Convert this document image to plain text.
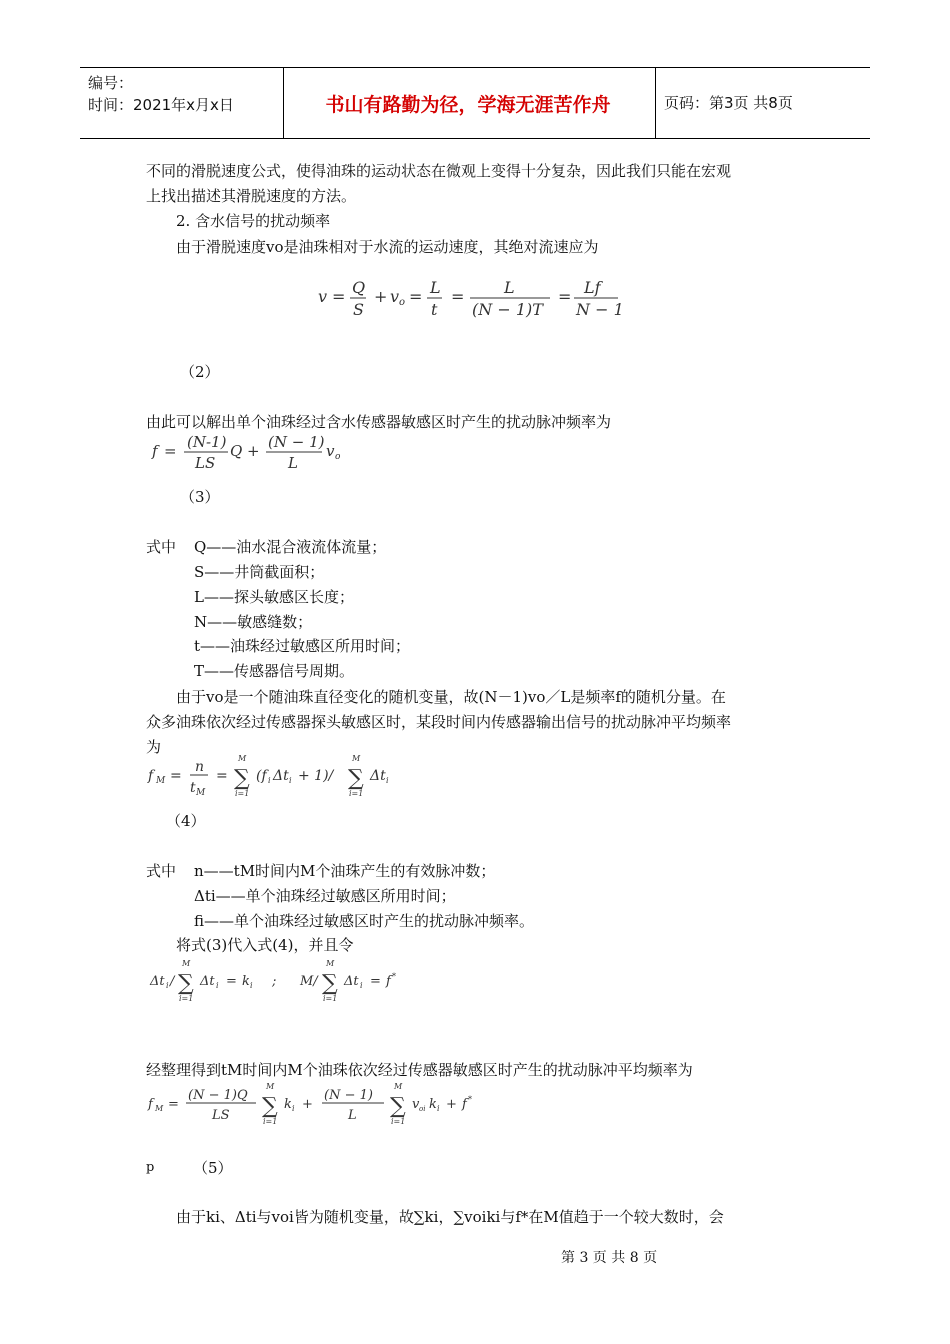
编号：
时间：2021年x月x日	书山有路勤为径，学海无涯苦作舟	页码：第3页 共8页
不同的滑脱速度公式，使得油珠的运动状态在微观上变得十分复杂，因此我们只能在宏观
上找出描述其滑脱速度的方法。
2. 含水信号的扰动频率
由于滑脱速度vo是油珠相对于水流的运动速度，其绝对流速应为
v = Q
S
+ v o = L
t
= L
(N − 1)T
= Lf
N − 1
（2）
由此可以解出单个油珠经过含水传感器敏感区时产生的扰动脉冲频率为
f = (N-1)
LS
Q + (N − 1)
L
v o
（3）
式中 Q——油水混合液流体流量；
S——井筒截面积；
L——探头敏感区长度；
N——敏感缝数；
t——油珠经过敏感区所用时间；
T——传感器信号周期。
由于vo是一个随油珠直径变化的随机变量，故(N－1)vo／L是频率f的随机分量。在
众多油珠依次经过传感器探头敏感区时，某段时间内传感器输出信号的扰动脉冲平均频率
为
f M =
n
t M
=
M
∑
i=1
(f i Δt i + 1)/
M
∑
i=1
Δt i
（4）
式中 n——tM时间内M个油珠产生的有效脉冲数；
Δti——单个油珠经过敏感区所用时间；
fi——单个油珠经过敏感区时产生的扰动脉冲频率。
将式(3)代入式(4)，并且令
Δt i /
M
∑
i=1
Δt i = k i ; M/
M
∑
i=1
Δt i = f *
经整理得到tM时间内M个油珠依次经过传感器敏感区时产生的扰动脉冲平均频率为
f M =
(N − 1)Q
LS
M
∑
i=1
k i +
(N − 1)
L
M
∑
i=1
v oi k i + f *
p	（5）
由于ki、Δti与voi皆为随机变量，故∑ki，∑voiki与f*在M值趋于一个较大数时，会
第 3 页 共 8 页
